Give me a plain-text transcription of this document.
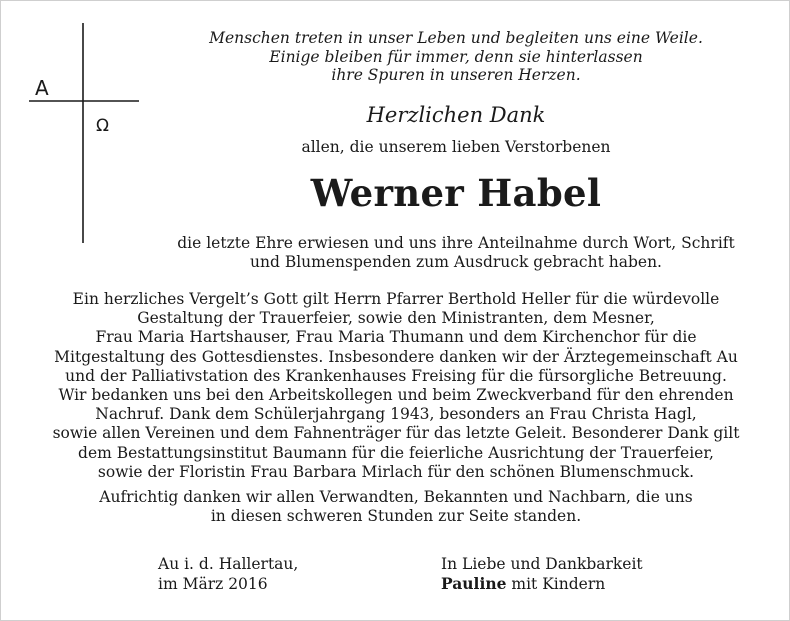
A
Ω
Menschen treten in unser Leben und begleiten uns eine Weile.
Einige bleiben für immer, denn sie hinterlassen
ihre Spuren in unseren Herzen.
Herzlichen Dank
allen, die unserem lieben Verstorbenen
Werner Habel
die letzte Ehre erwiesen und uns ihre Anteilnahme durch Wort, Schrift
und Blumenspenden zum Ausdruck gebracht haben.

Ein herzliches Vergelt’s Gott gilt Herrn Pfarrer Berthold Heller für die würdevolle
Gestaltung der Trauerfeier, sowie den Ministranten, dem Mesner,
Frau Maria Hartshauser, Frau Maria Thumann und dem Kirchenchor für die
Mitgestaltung des Gottesdienstes. Insbesondere danken wir der Ärztegemeinschaft Au
und der Palliativstation des Krankenhauses Freising für die fürsorgliche Betreuung.
Wir bedanken uns bei den Arbeitskollegen und beim Zweckverband für den ehrenden
Nachruf. Dank dem Schülerjahrgang 1943, besonders an Frau Christa Hagl,
sowie allen Vereinen und dem Fahnenträger für das letzte Geleit. Besonderer Dank gilt
dem Bestattungsinstitut Baumann für die feierliche Ausrichtung der Trauerfeier,
sowie der Floristin Frau Barbara Mirlach für den schönen Blumenschmuck.

Aufrichtig danken wir allen Verwandten, Bekannten und Nachbarn, die uns
in diesen schweren Stunden zur Seite standen.

Au i. d. Hallertau,
im März 2016
In Liebe und Dankbarkeit
Pauline mit Kindern
